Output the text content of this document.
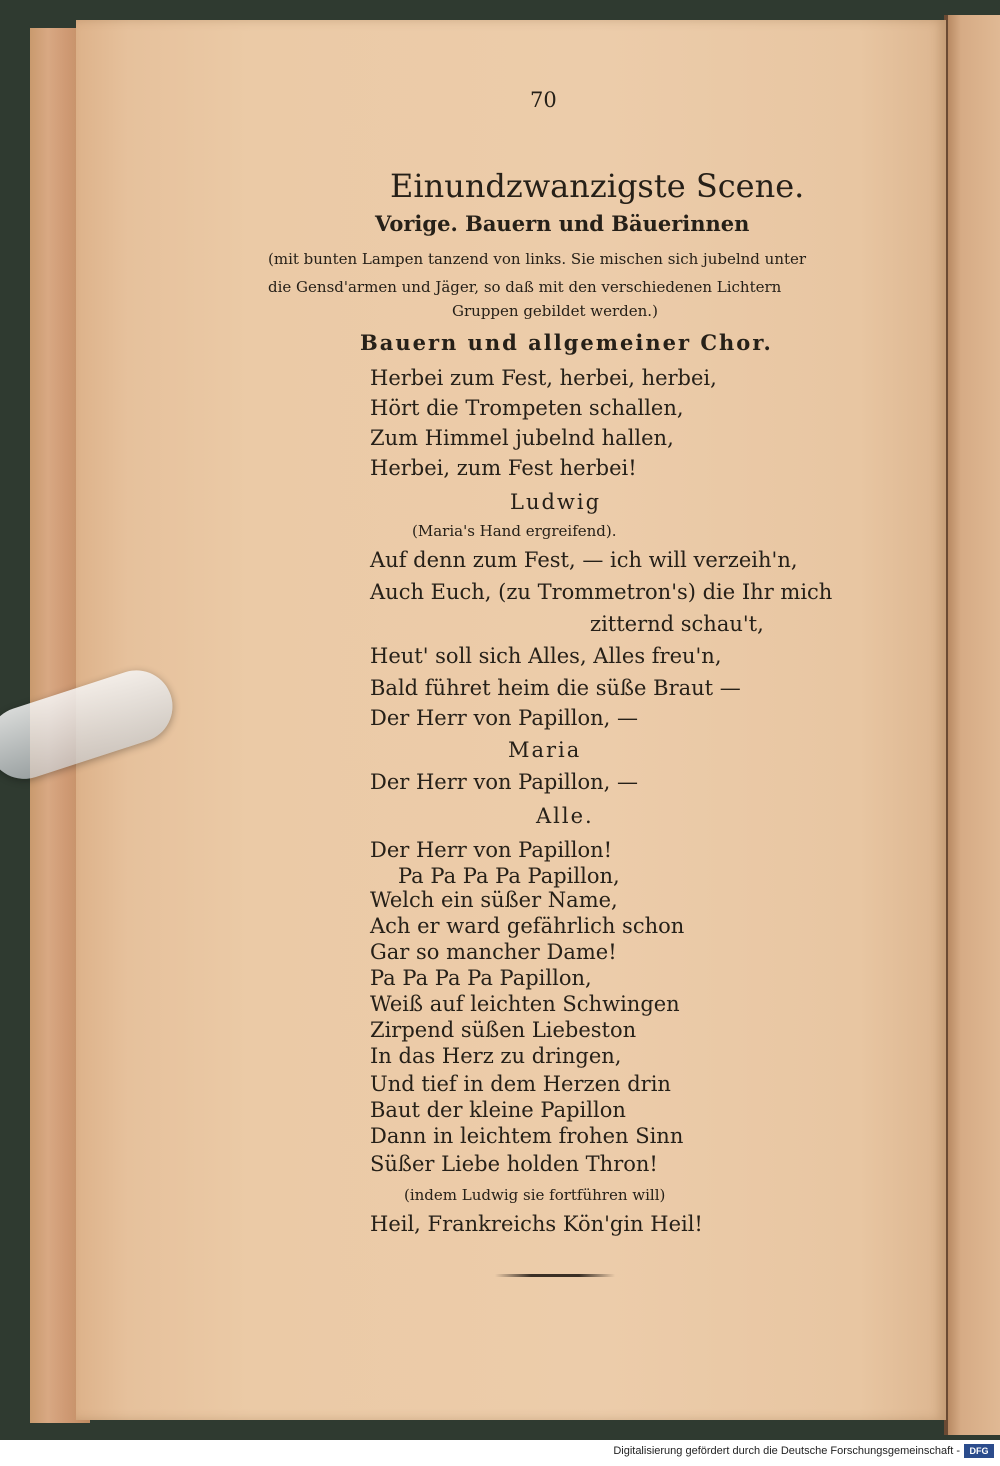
70
Einundzwanzigste Scene.
Vorige. Bauern und Bäuerinnen
(mit bunten Lampen tanzend von links. Sie mischen sich jubelnd unter
die Gensd'armen und Jäger, so daß mit den verschiedenen Lichtern
Gruppen gebildet werden.)
Bauern und allgemeiner Chor.
Herbei zum Fest, herbei, herbei,
Hört die Trompeten schallen,
Zum Himmel jubelnd hallen,
Herbei, zum Fest herbei!
Ludwig
(Maria's Hand ergreifend).
Auf denn zum Fest, — ich will verzeih'n,
Auch Euch, (zu Trommetron's) die Ihr mich
zitternd schau't,
Heut' soll sich Alles, Alles freu'n,
Bald führet heim die süße Braut —
Der Herr von Papillon, —
Maria
Der Herr von Papillon, —
Alle.
Der Herr von Papillon!
Pa Pa Pa Pa Papillon,
Welch ein süßer Name,
Ach er ward gefährlich schon
Gar so mancher Dame!
Pa Pa Pa Pa Papillon,
Weiß auf leichten Schwingen
Zirpend süßen Liebeston
In das Herz zu dringen,
Und tief in dem Herzen drin
Baut der kleine Papillon
Dann in leichtem frohen Sinn
Süßer Liebe holden Thron!
(indem Ludwig sie fortführen will)
Heil, Frankreichs Kön'gin Heil!
Digitalisierung gefördert durch die Deutsche Forschungsgemeinschaft -	DFG
